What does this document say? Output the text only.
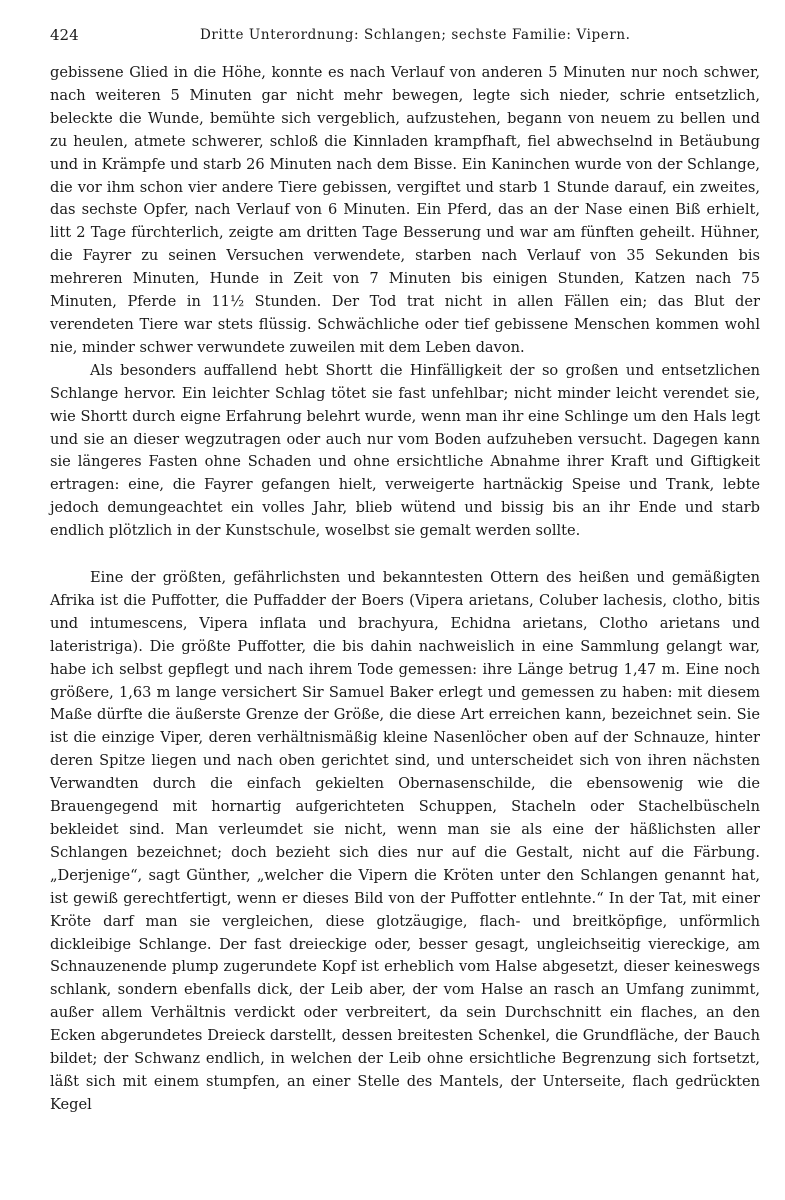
424	Dritte Unterordnung: Schlangen; sechste Familie: Vipern.

gebissene Glied in die Höhe, konnte es nach Verlauf von anderen 5 Minuten nur noch schwer, nach weiteren 5 Minuten gar nicht mehr bewegen, legte sich nieder, schrie entsetzlich, beleckte die Wunde, bemühte sich vergeblich, aufzustehen, begann von neuem zu bellen und zu heulen, atmete schwerer, schloß die Kinnladen krampfhaft, fiel abwechselnd in Betäubung und in Krämpfe und starb 26 Minuten nach dem Bisse. Ein Kaninchen wurde von der Schlange, die vor ihm schon vier andere Tiere gebissen, vergiftet und starb 1 Stunde darauf, ein zweites, das sechste Opfer, nach Verlauf von 6 Minuten. Ein Pferd, das an der Nase einen Biß erhielt, litt 2 Tage fürchterlich, zeigte am dritten Tage Besserung und war am fünften geheilt. Hühner, die Fayrer zu seinen Versuchen verwendete, starben nach Verlauf von 35 Sekunden bis mehreren Minuten, Hunde in Zeit von 7 Minuten bis einigen Stunden, Katzen nach 75 Minuten, Pferde in 11½ Stunden. Der Tod trat nicht in allen Fällen ein; das Blut der verendeten Tiere war stets flüssig. Schwächliche oder tief gebissene Menschen kommen wohl nie, minder schwer verwundete zuweilen mit dem Leben davon.

Als besonders auffallend hebt Shortt die Hinfälligkeit der so großen und entsetzlichen Schlange hervor. Ein leichter Schlag tötet sie fast unfehlbar; nicht minder leicht verendet sie, wie Shortt durch eigne Erfahrung belehrt wurde, wenn man ihr eine Schlinge um den Hals legt und sie an dieser wegzutragen oder auch nur vom Boden aufzuheben versucht. Dagegen kann sie längeres Fasten ohne Schaden und ohne ersichtliche Abnahme ihrer Kraft und Giftigkeit ertragen: eine, die Fayrer gefangen hielt, verweigerte hartnäckig Speise und Trank, lebte jedoch demungeachtet ein volles Jahr, blieb wütend und bissig bis an ihr Ende und starb endlich plötzlich in der Kunstschule, woselbst sie gemalt werden sollte.

Eine der größten, gefährlichsten und bekanntesten Ottern des heißen und gemäßigten Afrika ist die Puffotter, die Puffadder der Boers (Vipera arietans, Coluber lachesis, clotho, bitis und intumescens, Vipera inflata und brachyura, Echidna arietans, Clotho arietans und lateristriga). Die größte Puffotter, die bis dahin nachweislich in eine Sammlung gelangt war, habe ich selbst gepflegt und nach ihrem Tode gemessen: ihre Länge betrug 1,47 m. Eine noch größere, 1,63 m lange versichert Sir Samuel Baker erlegt und gemessen zu haben: mit diesem Maße dürfte die äußerste Grenze der Größe, die diese Art erreichen kann, bezeichnet sein. Sie ist die einzige Viper, deren verhältnismäßig kleine Nasenlöcher oben auf der Schnauze, hinter deren Spitze liegen und nach oben gerichtet sind, und unterscheidet sich von ihren nächsten Verwandten durch die einfach gekielten Obernasenschilde, die ebensowenig wie die Brauengegend mit hornartig aufgerichteten Schuppen, Stacheln oder Stachelbüscheln bekleidet sind. Man verleumdet sie nicht, wenn man sie als eine der häßlichsten aller Schlangen bezeichnet; doch bezieht sich dies nur auf die Gestalt, nicht auf die Färbung. „Derjenige“, sagt Günther, „welcher die Vipern die Kröten unter den Schlangen genannt hat, ist gewiß gerechtfertigt, wenn er dieses Bild von der Puffotter entlehnte.“ In der Tat, mit einer Kröte darf man sie vergleichen, diese glotzäugige, flach- und breitköpfige, unförmlich dickleibige Schlange. Der fast dreieckige oder, besser gesagt, ungleichseitig viereckige, am Schnauzenende plump zugerundete Kopf ist erheblich vom Halse abgesetzt, dieser keineswegs schlank, sondern ebenfalls dick, der Leib aber, der vom Halse an rasch an Umfang zunimmt, außer allem Verhältnis verdickt oder verbreitert, da sein Durchschnitt ein flaches, an den Ecken abgerundetes Dreieck darstellt, dessen breitesten Schenkel, die Grundfläche, der Bauch bildet; der Schwanz endlich, in welchen der Leib ohne ersichtliche Begrenzung sich fortsetzt, läßt sich mit einem stumpfen, an einer Stelle des Mantels, der Unterseite, flach gedrückten Kegel
